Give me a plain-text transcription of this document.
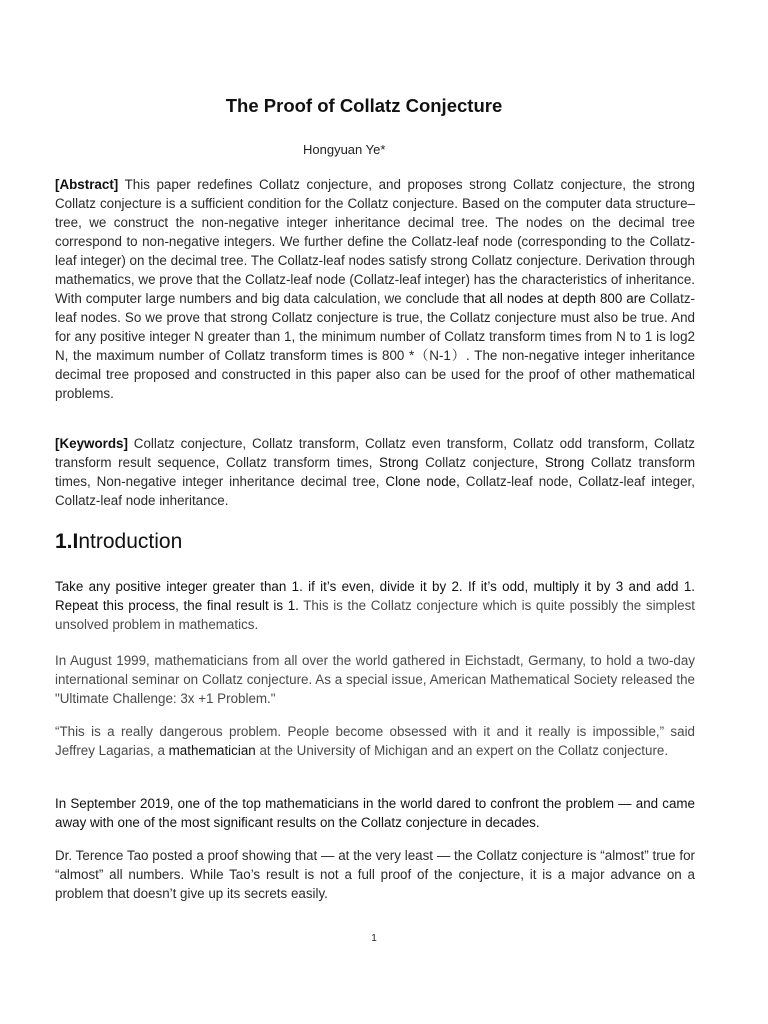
The Proof of Collatz Conjecture
Hongyuan Ye*
[Abstract] This paper redefines Collatz conjecture, and proposes strong Collatz conjecture, the strong Collatz conjecture is a sufficient condition for the Collatz conjecture. Based on the computer data structure–tree, we construct the non-negative integer inheritance decimal tree. The nodes on the decimal tree correspond to non-negative integers. We further define the Collatz-leaf node (corresponding to the Collatz-leaf integer) on the decimal tree. The Collatz-leaf nodes satisfy strong Collatz conjecture. Derivation through mathematics, we prove that the Collatz-leaf node (Collatz-leaf integer) has the characteristics of inheritance. With computer large numbers and big data calculation, we conclude that all nodes at depth 800 are Collatz-leaf nodes. So we prove that strong Collatz conjecture is true, the Collatz conjecture must also be true. And for any positive integer N greater than 1, the minimum number of Collatz transform times from N to 1 is log2 N, the maximum number of Collatz transform times is 800 *（N-1）. The non-negative integer inheritance decimal tree proposed and constructed in this paper also can be used for the proof of other mathematical problems.
[Keywords] Collatz conjecture, Collatz transform, Collatz even transform, Collatz odd transform, Collatz transform result sequence, Collatz transform times, Strong Collatz conjecture, Strong Collatz transform times, Non-negative integer inheritance decimal tree, Clone node, Collatz-leaf node, Collatz-leaf integer, Collatz-leaf node inheritance.
1.Introduction
Take any positive integer greater than 1. if it’s even, divide it by 2. If it’s odd, multiply it by 3 and add 1. Repeat this process, the final result is 1. This is the Collatz conjecture which is quite possibly the simplest unsolved problem in mathematics.
In August 1999, mathematicians from all over the world gathered in Eichstadt, Germany, to hold a two-day international seminar on Collatz conjecture. As a special issue, American Mathematical Society released the "Ultimate Challenge: 3x +1 Problem."
“This is a really dangerous problem. People become obsessed with it and it really is impossible,” said Jeffrey Lagarias, a mathematician at the University of Michigan and an expert on the Collatz conjecture.
In September 2019, one of the top mathematicians in the world dared to confront the problem — and came away with one of the most significant results on the Collatz conjecture in decades.
Dr. Terence Tao posted a proof showing that — at the very least — the Collatz conjecture is “almost” true for “almost” all numbers. While Tao’s result is not a full proof of the conjecture, it is a major advance on a problem that doesn’t give up its secrets easily.
1
